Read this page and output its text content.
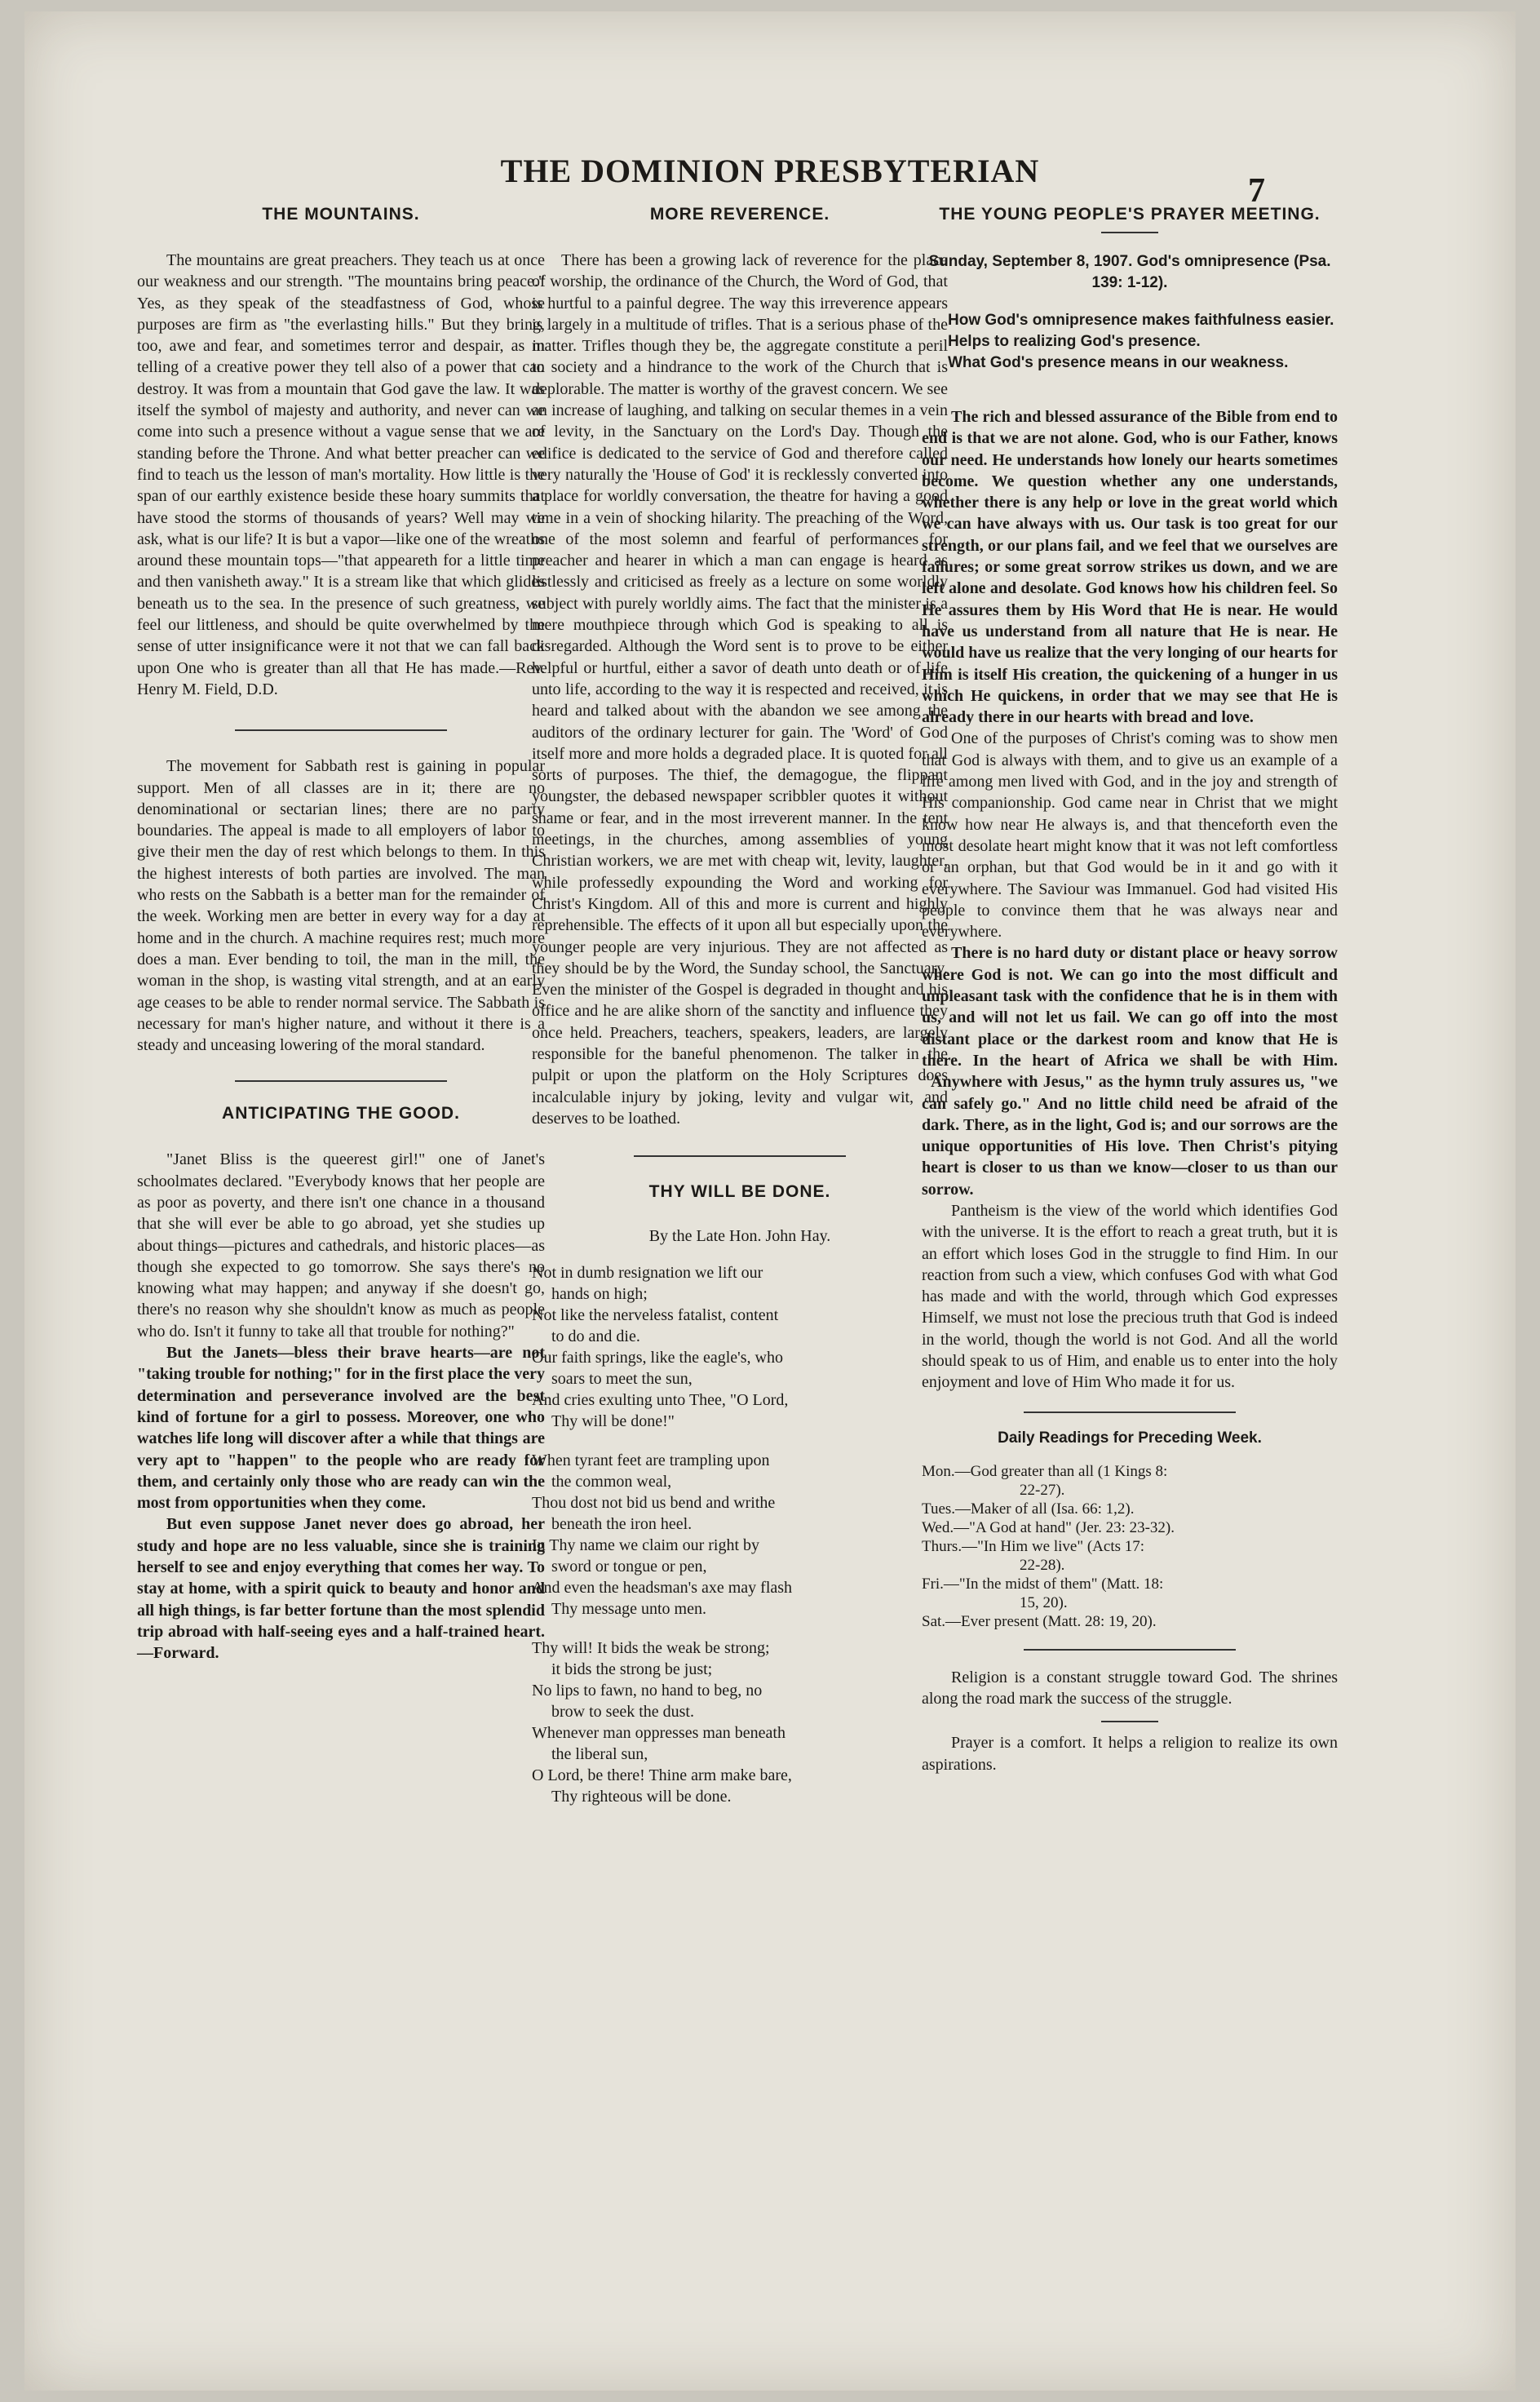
THE DOMINION PRESBYTERIAN
7
THE MOUNTAINS.

The mountains are great preachers. They teach us at once our weakness and our strength. "The mountains bring peace." Yes, as they speak of the steadfastness of God, whose purposes are firm as "the everlasting hills." But they bring, too, awe and fear, and sometimes terror and despair, as in telling of a creative power they tell also of a power that can destroy. It was from a mountain that God gave the law. It was itself the symbol of majesty and authority, and never can we come into such a presence without a vague sense that we are standing before the Throne. And what better preacher can we find to teach us the lesson of man's mortality. How little is the span of our earthly existence beside these hoary summits that have stood the storms of thousands of years? Well may we ask, what is our life? It is but a vapor—like one of the wreaths around these mountain tops—"that appeareth for a little time and then vanisheth away." It is a stream like that which glides beneath us to the sea. In the presence of such greatness, we feel our littleness, and should be quite overwhelmed by the sense of utter insignificance were it not that we can fall back upon One who is greater than all that He has made.—Rev. Henry M. Field, D.D.

The movement for Sabbath rest is gaining in popular support. Men of all classes are in it; there are no denominational or sectarian lines; there are no party boundaries. The appeal is made to all employers of labor to give their men the day of rest which belongs to them. In this the highest interests of both parties are involved. The man who rests on the Sabbath is a better man for the remainder of the week. Working men are better in every way for a day at home and in the church. A machine requires rest; much more does a man. Ever bending to toil, the man in the mill, the woman in the shop, is wasting vital strength, and at an early age ceases to be able to render normal service. The Sabbath is necessary for man's higher nature, and without it there is a steady and unceasing lowering of the moral standard.

ANTICIPATING THE GOOD.

"Janet Bliss is the queerest girl!" one of Janet's schoolmates declared. "Everybody knows that her people are as poor as poverty, and there isn't one chance in a thousand that she will ever be able to go abroad, yet she studies up about things—pictures and cathedrals, and historic places—as though she expected to go tomorrow. She says there's no knowing what may happen; and anyway if she doesn't go, there's no reason why she shouldn't know as much as people who do. Isn't it funny to take all that trouble for nothing?"

But the Janets—bless their brave hearts—are not "taking trouble for nothing;" for in the first place the very determination and perseverance involved are the best kind of fortune for a girl to possess. Moreover, one who watches life long will discover after a while that things are very apt to "happen" to the people who are ready for them, and certainly only those who are ready can win the most from opportunities when they come.

But even suppose Janet never does go abroad, her study and hope are no less valuable, since she is training herself to see and enjoy everything that comes her way. To stay at home, with a spirit quick to beauty and honor and all high things, is far better fortune than the most splendid trip abroad with half-seeing eyes and a half-trained heart.—Forward.

MORE REVERENCE.

There has been a growing lack of reverence for the place of worship, the ordinance of the Church, the Word of God, that is hurtful to a painful degree. The way this irreverence appears is largely in a multitude of trifles. That is a serious phase of the matter. Trifles though they be, the aggregate constitute a peril to society and a hindrance to the work of the Church that is deplorable. The matter is worthy of the gravest concern. We see an increase of laughing, and talking on secular themes in a vein of levity, in the Sanctuary on the Lord's Day. Though the edifice is dedicated to the service of God and therefore called very naturally the 'House of God' it is recklessly converted into a place for worldly conversation, the theatre for having a good time in a vein of shocking hilarity. The preaching of the Word, one of the most solemn and fearful of performances for preacher and hearer in which a man can engage is heard as listlessly and criticised as freely as a lecture on some worldly subject with purely worldly aims. The fact that the minister is a mere mouthpiece through which God is speaking to all is disregarded. Although the Word sent is to prove to be either helpful or hurtful, either a savor of death unto death or of life unto life, according to the way it is respected and received, it is heard and talked about with the abandon we see among the auditors of the ordinary lecturer for gain. The 'Word' of God itself more and more holds a degraded place. It is quoted for all sorts of purposes. The thief, the demagogue, the flippant youngster, the debased newspaper scribbler quotes it without shame or fear, and in the most irreverent manner. In the tent meetings, in the churches, among assemblies of young Christian workers, we are met with cheap wit, levity, laughter, while professedly expounding the Word and working for Christ's Kingdom. All of this and more is current and highly reprehensible. The effects of it upon all but especially upon the younger people are very injurious. They are not affected as they should be by the Word, the Sunday school, the Sanctuary. Even the minister of the Gospel is degraded in thought and his office and he are alike shorn of the sanctity and influence they once held. Preachers, teachers, speakers, leaders, are largely responsible for the baneful phenomenon. The talker in the pulpit or upon the platform on the Holy Scriptures does incalculable injury by joking, levity and vulgar wit, and deserves to be loathed.

THY WILL BE DONE.
By the Late Hon. John Hay.
Not in dumb resignation we lift our
hands on high;
Not like the nerveless fatalist, content
to do and die.
Our faith springs, like the eagle's, who
soars to meet the sun,
And cries exulting unto Thee, "O Lord,
Thy will be done!"
When tyrant feet are trampling upon
the common weal,
Thou dost not bid us bend and writhe
beneath the iron heel.
In Thy name we claim our right by
sword or tongue or pen,
And even the headsman's axe may flash
Thy message unto men.
Thy will! It bids the weak be strong;
it bids the strong be just;
No lips to fawn, no hand to beg, no
brow to seek the dust.
Whenever man oppresses man beneath
the liberal sun,
O Lord, be there! Thine arm make bare,
Thy righteous will be done.
THE YOUNG PEOPLE'S PRAYER MEETING.
Sunday, September 8, 1907. God's omnipresence (Psa. 139: 1-12).
How God's omnipresence makes faithfulness easier.
Helps to realizing God's presence.
What God's presence means in our weakness.

The rich and blessed assurance of the Bible from end to end is that we are not alone. God, who is our Father, knows our need. He understands how lonely our hearts sometimes become. We question whether any one understands, whether there is any help or love in the great world which we can have always with us. Our task is too great for our strength, or our plans fail, and we feel that we ourselves are failures; or some great sorrow strikes us down, and we are left alone and desolate. God knows how his children feel. So He assures them by His Word that He is near. He would have us understand from all nature that He is near. He would have us realize that the very longing of our hearts for Him is itself His creation, the quickening of a hunger in us which He quickens, in order that we may see that He is already there in our hearts with bread and love.

One of the purposes of Christ's coming was to show men that God is always with them, and to give us an example of a life among men lived with God, and in the joy and strength of His companionship. God came near in Christ that we might know how near He always is, and that thenceforth even the most desolate heart might know that it was not left comfortless or an orphan, but that God would be in it and go with it everywhere. The Saviour was Immanuel. God had visited His people to convince them that he was always near and everywhere.

There is no hard duty or distant place or heavy sorrow where God is not. We can go into the most difficult and unpleasant task with the confidence that he is in them with us, and will not let us fail. We can go off into the most distant place or the darkest room and know that He is there. In the heart of Africa we shall be with Him. "Anywhere with Jesus," as the hymn truly assures us, "we can safely go." And no little child need be afraid of the dark. There, as in the light, God is; and our sorrows are the unique opportunities of His love. Then Christ's pitying heart is closer to us than we know—closer to us than our sorrow.

Pantheism is the view of the world which identifies God with the universe. It is the effort to reach a great truth, but it is an effort which loses God in the struggle to find Him. In our reaction from such a view, which confuses God with what God has made and with the world, through which God expresses Himself, we must not lose the precious truth that God is indeed in the world, though the world is not God. And all the world should speak to us of Him, and enable us to enter into the holy enjoyment and love of Him Who made it for us.

Daily Readings for Preceding Week.
Mon.—God greater than all (1 Kings 8:
22-27).
Tues.—Maker of all (Isa. 66: 1,2).
Wed.—"A God at hand" (Jer. 23: 23-32).
Thurs.—"In Him we live" (Acts 17:
22-28).
Fri.—"In the midst of them" (Matt. 18:
15, 20).
Sat.—Ever present (Matt. 28: 19, 20).

Religion is a constant struggle toward God. The shrines along the road mark the success of the struggle.

Prayer is a comfort. It helps a religion to realize its own aspirations.
